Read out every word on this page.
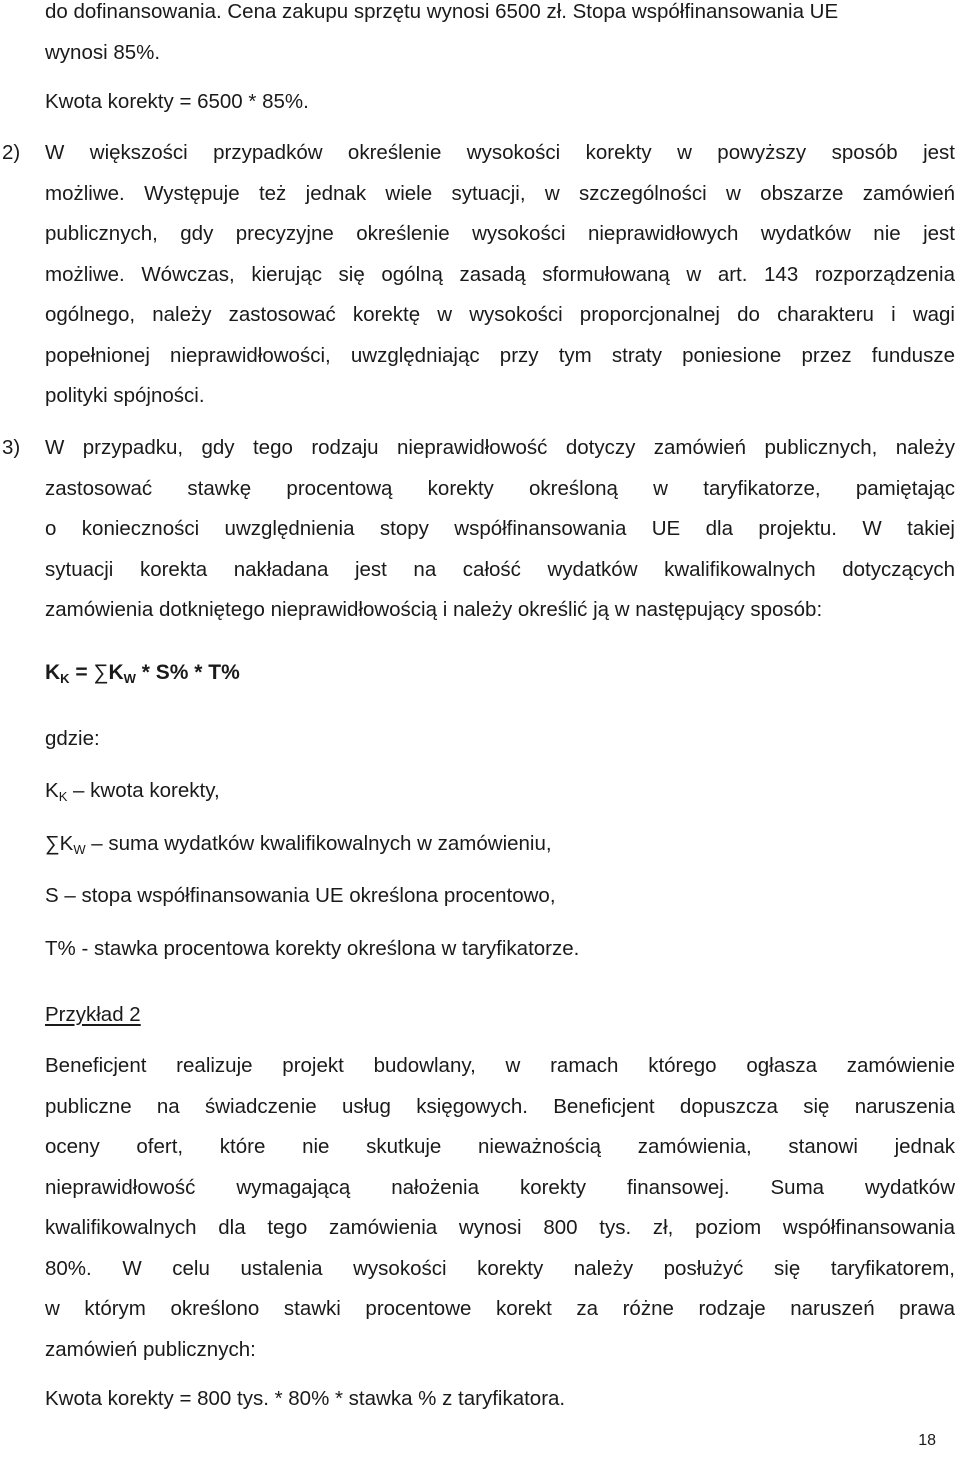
do dofinansowania. Cena zakupu sprzętu wynosi 6500 zł. Stopa współfinansowania UE
wynosi 85%.
Kwota korekty = 6500 * 85%.
2) W większości przypadków określenie wysokości korekty w powyższy sposób jest
możliwe. Występuje też jednak wiele sytuacji, w szczególności w obszarze zamówień
publicznych, gdy precyzyjne określenie wysokości nieprawidłowych wydatków nie jest
możliwe. Wówczas, kierując się ogólną zasadą sformułowaną w art. 143 rozporządzenia
ogólnego, należy zastosować korektę w wysokości proporcjonalnej do charakteru i wagi
popełnionej nieprawidłowości, uwzględniając przy tym straty poniesione przez fundusze
polityki spójności.
3) W przypadku, gdy tego rodzaju nieprawidłowość dotyczy zamówień publicznych, należy
zastosować stawkę procentową korekty określoną w taryfikatorze, pamiętając
o konieczności uwzględnienia stopy współfinansowania UE dla projektu. W takiej
sytuacji korekta nakładana jest na całość wydatków kwalifikowalnych dotyczących
zamówienia dotkniętego nieprawidłowością i należy określić ją w następujący sposób:
$K_K = \sum K_W * S\% * T\%$
gdzie:
$K_K$ – kwota korekty,
$\sum K_W$ – suma wydatków kwalifikowalnych w zamówieniu,
S – stopa współfinansowania UE określona procentowo,
T% - stawka procentowa korekty określona w taryfikatorze.
Przykład 2
Beneficjent realizuje projekt budowlany, w ramach którego ogłasza zamówienie
publiczne na świadczenie usług księgowych. Beneficjent dopuszcza się naruszenia
oceny ofert, które nie skutkuje nieważnością zamówienia, stanowi jednak
nieprawidłowość wymagającą nałożenia korekty finansowej. Suma wydatków
kwalifikowalnych dla tego zamówienia wynosi 800 tys. zł, poziom współfinansowania
80%. W celu ustalenia wysokości korekty należy posłużyć się taryfikatorem,
w którym określono stawki procentowe korekt za różne rodzaje naruszeń prawa
zamówień publicznych:
Kwota korekty = 800 tys. * 80% * stawka % z taryfikatora.
18
